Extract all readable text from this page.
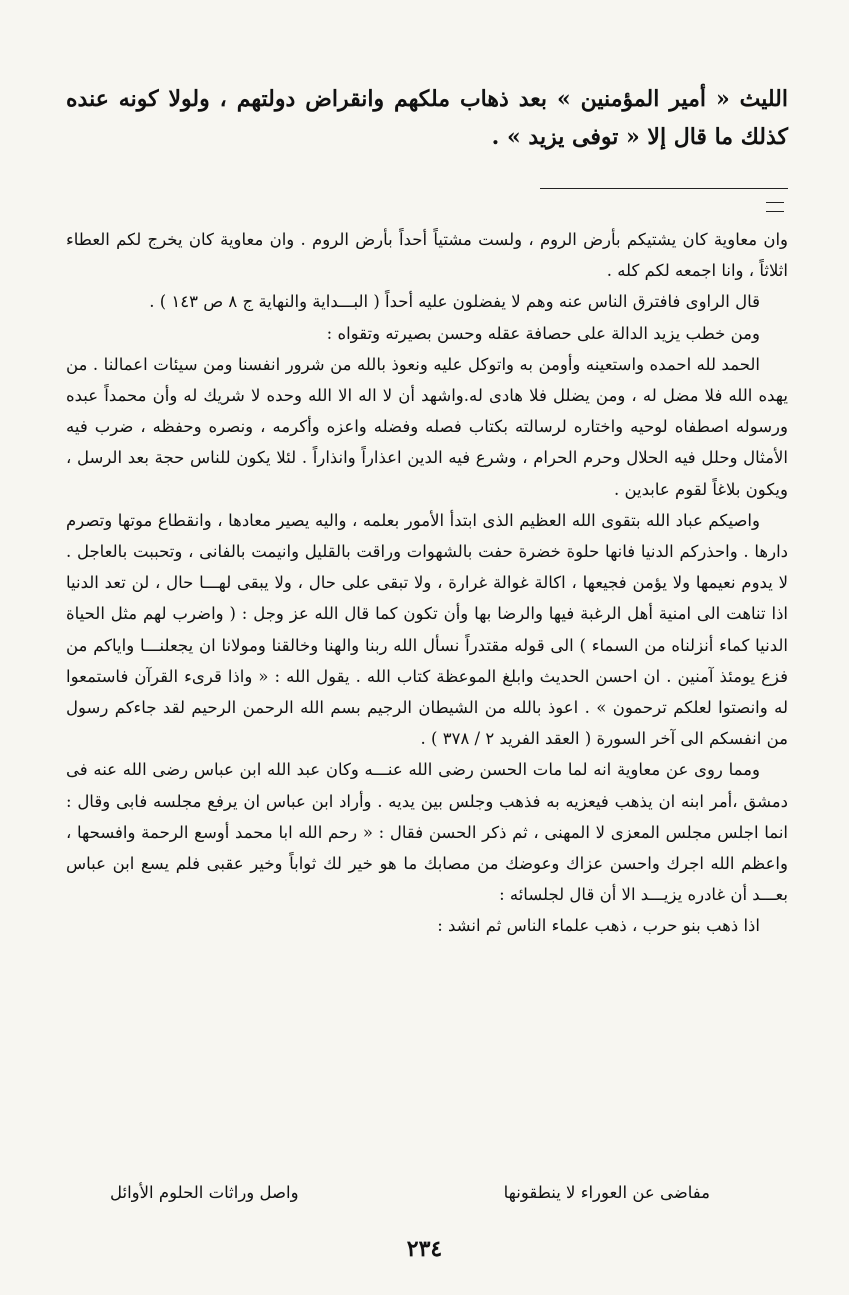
الليث « أمير المؤمنين » بعد ذهاب ملكهم وانقراض دولتهم ، ولولا كونه عنده كذلك ما قال إلا « توفى يزيد » .

وان معاوية كان يشتيكم بأرض الروم ، ولست مشتياً أحداً بأرض الروم . وان معاوية كان يخرج لكم العطاء اثلاثاً ، وانا اجمعه لكم كله .

قال الراوى فافترق الناس عنه وهم لا يفضلون عليه أحداً ( البـــداية والنهاية ج ٨ ص ١٤٣ ) .

ومن خطب يزيد الدالة على حصافة عقله وحسن بصيرته وتقواه :

الحمد لله احمده واستعينه وأومن به واتوكل عليه ونعوذ بالله من شرور انفسنا ومن سيئات اعمالنا . من يهده الله فلا مضل له ، ومن يضلل فلا هادى له.واشهد أن لا اله الا الله وحده لا شريك له وأن محمداً عبده ورسوله اصطفاه لوحيه واختاره لرسالته بكتاب فصله وفضله واعزه وأكرمه ، ونصره وحفظه ، ضرب فيه الأمثال وحلل فيه الحلال وحرم الحرام ، وشرع فيه الدين اعذاراً وانذاراً . لئلا يكون للناس حجة بعد الرسل ، ويكون بلاغاً لقوم عابدين .

واصيكم عباد الله بتقوى الله العظيم الذى ابتدأ الأمور بعلمه ، واليه يصير معادها ، وانقطاع موتها وتصرم دارها . واحذركم الدنيا فانها حلوة خضرة حفت بالشهوات وراقت بالقليل وانيمت بالفانى ، وتحببت بالعاجل . لا يدوم نعيمها ولا يؤمن فجيعها ، اكالة غوالة غرارة ، ولا تبقى على حال ، ولا يبقى لهـــا حال ، لن تعد الدنيا اذا تناهت الى امنية أهل الرغبة فيها والرضا بها وأن تكون كما قال الله عز وجل : ( واضرب لهم مثل الحياة الدنيا كماء أنزلناه من السماء ) الى قوله مقتدراً نسأل الله ربنا والهنا وخالقنا ومولانا ان يجعلنـــا واياكم من فزع يومئذ آمنين . ان احسن الحديث وابلغ الموعظة كتاب الله . يقول الله : « واذا قرىء القرآن فاستمعوا له وانصتوا لعلكم ترحمون » . اعوذ بالله من الشيطان الرجيم بسم الله الرحمن الرحيم لقد جاءكم رسول من انفسكم الى آخر السورة ( العقد الفريد ٢ / ٣٧٨ ) .

ومما روى عن معاوية انه لما مات الحسن رضى الله عنـــه وكان عبد الله ابن عباس رضى الله عنه فى دمشق ،أمر ابنه ان يذهب فيعزيه به فذهب وجلس بين يديه . وأراد ابن عباس ان يرفع مجلسه فابى وقال : انما اجلس مجلس المعزى لا المهنى ، ثم ذكر الحسن فقال : « رحم الله ابا محمد أوسع الرحمة وافسحها ، واعظم الله اجرك واحسن عزاك وعوضك من مصابك ما هو خير لك ثواباً وخير عقبى فلم يسع ابن عباس بعـــد أن غادره يزيـــد الا أن قال لجلسائه :

اذا ذهب بنو حرب ، ذهب علماء الناس ثم انشد :

مفاضى عن العوراء لا ينطقونها
واصل وراثات الحلوم الأوائل
٢٣٤
